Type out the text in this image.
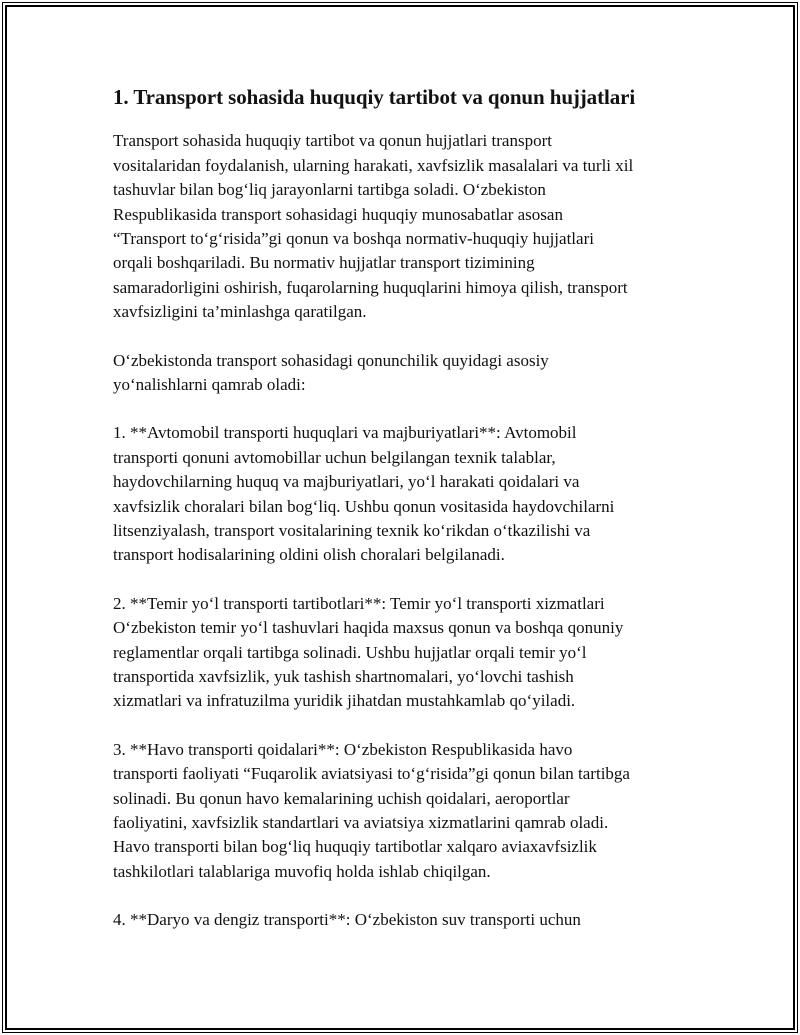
1. Transport sohasida huquqiy tartibot va qonun hujjatlari

Transport sohasida huquqiy tartibot va qonun hujjatlari transport
vositalaridan foydalanish, ularning harakati, xavfsizlik masalalari va turli xil
tashuvlar bilan bog‘liq jarayonlarni tartibga soladi. O‘zbekiston
Respublikasida transport sohasidagi huquqiy munosabatlar asosan
“Transport to‘g‘risida”gi qonun va boshqa normativ-huquqiy hujjatlari
orqali boshqariladi. Bu normativ hujjatlar transport tizimining
samaradorligini oshirish, fuqarolarning huquqlarini himoya qilish, transport
xavfsizligini ta’minlashga qaratilgan.

O‘zbekistonda transport sohasidagi qonunchilik quyidagi asosiy
yo‘nalishlarni qamrab oladi:

1. **Avtomobil transporti huquqlari va majburiyatlari**: Avtomobil
transporti qonuni avtomobillar uchun belgilangan texnik talablar,
haydovchilarning huquq va majburiyatlari, yo‘l harakati qoidalari va
xavfsizlik choralari bilan bog‘liq. Ushbu qonun vositasida haydovchilarni
litsenziyalash, transport vositalarining texnik ko‘rikdan o‘tkazilishi va
transport hodisalarining oldini olish choralari belgilanadi.

2. **Temir yo‘l transporti tartibotlari**: Temir yo‘l transporti xizmatlari
O‘zbekiston temir yo‘l tashuvlari haqida maxsus qonun va boshqa qonuniy
reglamentlar orqali tartibga solinadi. Ushbu hujjatlar orqali temir yo‘l
transportida xavfsizlik, yuk tashish shartnomalari, yo‘lovchi tashish
xizmatlari va infratuzilma yuridik jihatdan mustahkamlab qo‘yiladi.

3. **Havo transporti qoidalari**: O‘zbekiston Respublikasida havo
transporti faoliyati “Fuqarolik aviatsiyasi to‘g‘risida”gi qonun bilan tartibga
solinadi. Bu qonun havo kemalarining uchish qoidalari, aeroportlar
faoliyatini, xavfsizlik standartlari va aviatsiya xizmatlarini qamrab oladi.
Havo transporti bilan bog‘liq huquqiy tartibotlar xalqaro aviaxavfsizlik
tashkilotlari talablariga muvofiq holda ishlab chiqilgan.

4. **Daryo va dengiz transporti**: O‘zbekiston suv transporti uchun
